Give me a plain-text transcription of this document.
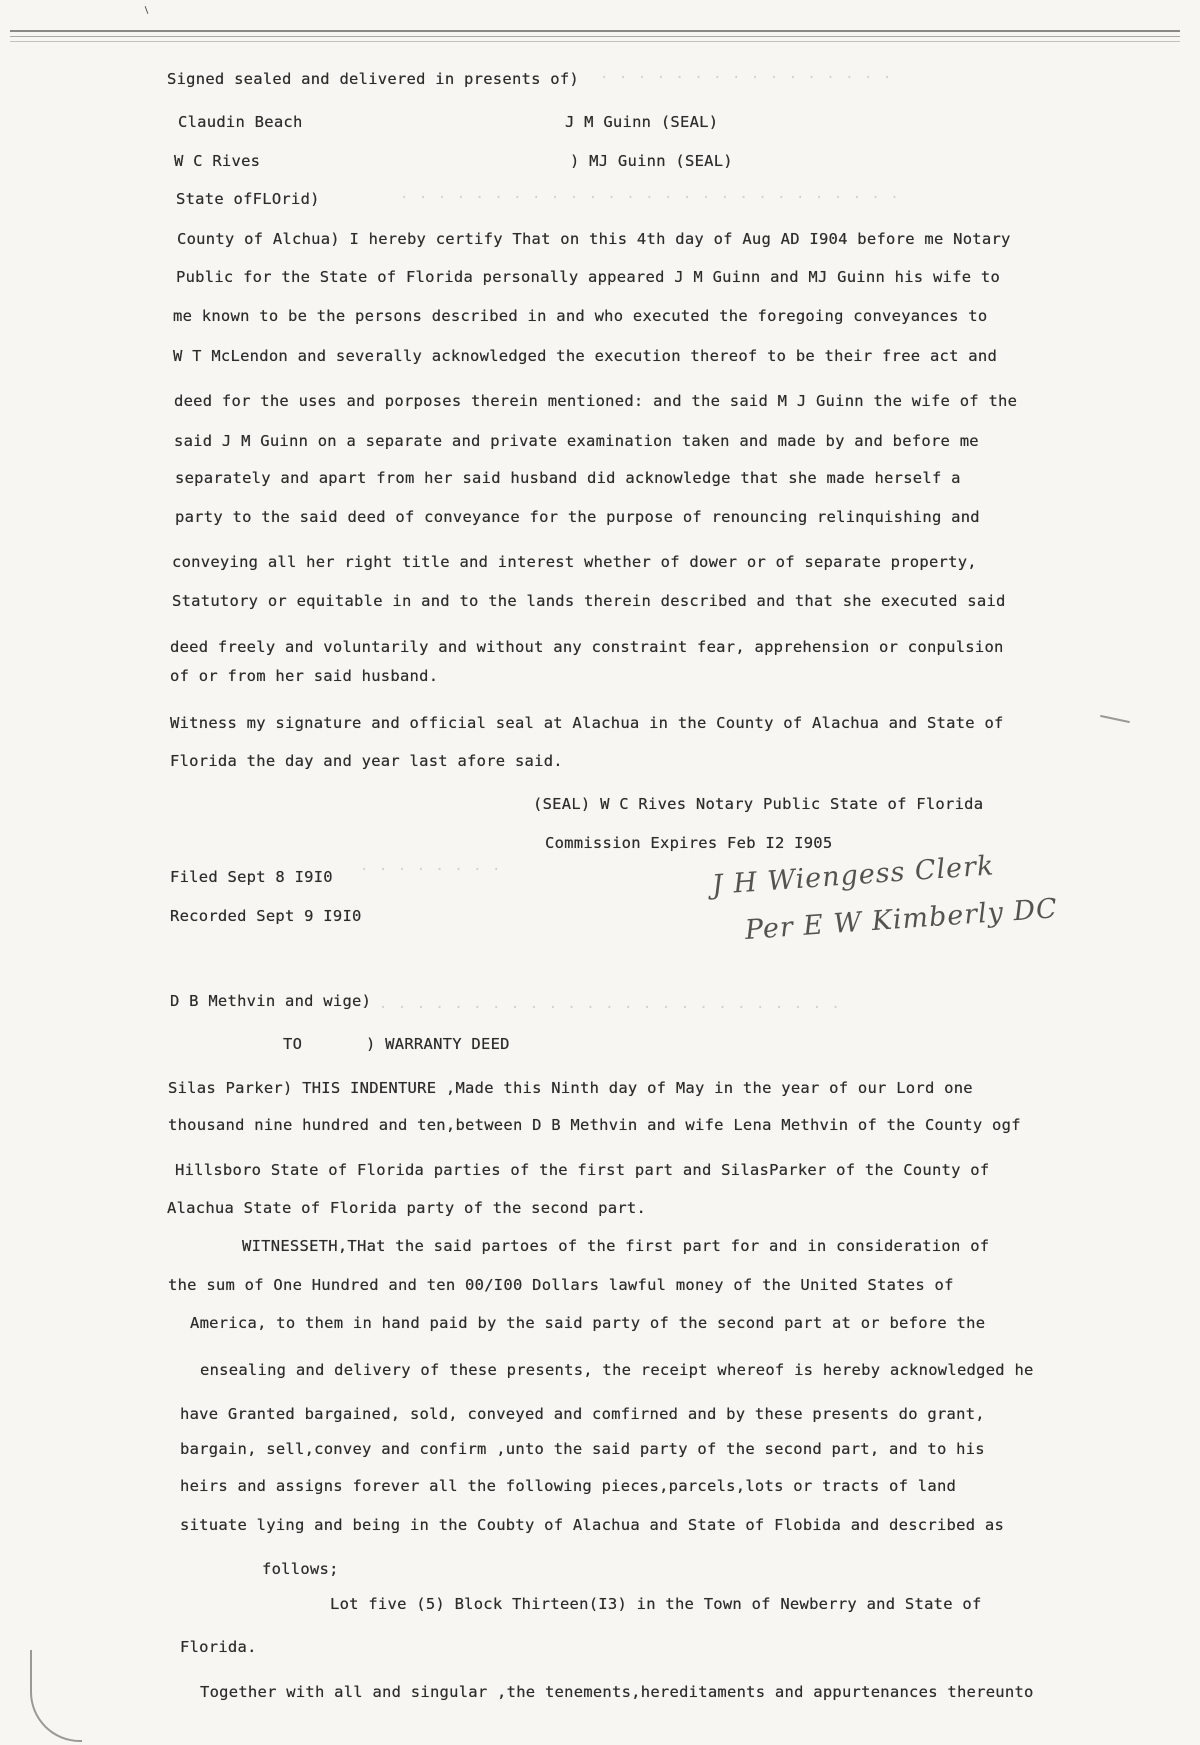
· · · · · · · · · · · · · · · ·
· · · · · · · · · · · · · · · · · · · · · · · · · · ·
· · · · · · · ·
· · · · · · · · · · · · · · · · · · · · · · · · · ·
Signed sealed and delivered in presents of)
Claudin Beach	J M Guinn (SEAL)
W C Rives	) MJ Guinn (SEAL)
State ofFLOrid)
County of Alchua) I hereby certify That on this 4th day of Aug AD I904 before me Notary
Public for the State of Florida personally appeared J M Guinn and MJ Guinn his wife to
me known to be the persons described in and who executed the foregoing conveyances to
W T McLendon and severally acknowledged the execution thereof to be their free act and
deed for the uses and porposes therein mentioned: and the said M J Guinn the wife of the
said J M Guinn on a separate and private examination taken and made by and before me
separately and apart from her said husband did acknowledge that she made herself a
party to the said deed of conveyance for the purpose of renouncing relinquishing and
conveying all her right title and interest whether of dower or of separate property,
Statutory or equitable in and to the lands therein described and that she executed said
deed freely and voluntarily and without any constraint fear, apprehension or conpulsion
of or from her said husband.
Witness my signature and official seal at Alachua in the County of Alachua and State of
Florida the day and year last afore said.
(SEAL) W C Rives Notary Public State of Florida
Commission Expires Feb I2 I905
Filed Sept 8 I9I0
Recorded Sept 9 I9I0
J H Wiengess Clerk
Per E W Kimberly DC
D B Methvin and wige)
TO	) WARRANTY DEED
Silas Parker) THIS INDENTURE ,Made this Ninth day of May in the year of our Lord one
thousand nine hundred and ten,between D B Methvin and wife Lena Methvin of the County ogf
Hillsboro State of Florida parties of the first part and SilasParker of the County of
Alachua State of Florida party of the second part.
WITNESSETH,THat the said partoes of the first part for and in consideration of
the sum of One Hundred and ten 00/I00 Dollars lawful money of the United States of
America, to them in hand paid by the said party of the second part at or before the
ensealing and delivery of these presents, the receipt whereof is hereby acknowledged he
have Granted bargained, sold, conveyed and comfirned and by these presents do grant,
bargain, sell,convey and confirm ,unto the said party of the second part, and to his
heirs and assigns forever all the following pieces,parcels,lots or tracts of land
situate lying and being in the Coubty of Alachua and State of Flobida and described as
follows;
Lot five (5) Block Thirteen(I3) in the Town of Newberry and State of
Florida.
Together with all and singular ,the tenements,hereditaments and appurtenances thereunto
